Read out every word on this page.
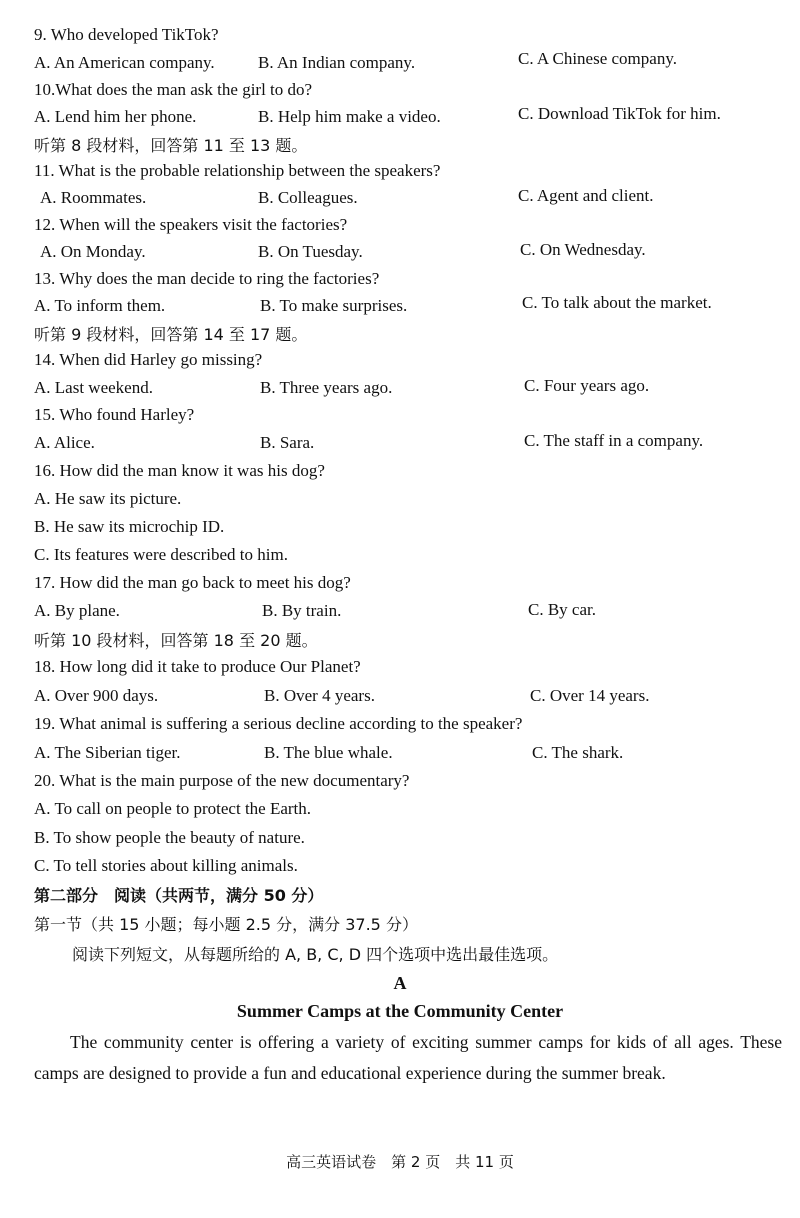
9. Who developed TikTok?
A. An American company.	B. An Indian company.	C. A Chinese company.
10.What does the man ask the girl to do?
A. Lend him her phone.	B. Help him make a video.	C. Download TikTok for him.
听第 8 段材料，回答第 11 至 13 题。
11. What is the probable relationship between the speakers?
A. Roommates.	B. Colleagues.	C. Agent and client.
12. When will the speakers visit the factories?
A. On Monday.	B. On Tuesday.	C. On Wednesday.
13. Why does the man decide to ring the factories?
A. To inform them.	B. To make surprises.	C. To talk about the market.
听第 9 段材料，回答第 14 至 17 题。
14. When did Harley go missing?
A. Last weekend.	B. Three years ago.	C. Four years ago.
15. Who found Harley?
A. Alice.	B. Sara.	C. The staff in a company.
16. How did the man know it was his dog?
A. He saw its picture.
B. He saw its microchip ID.
C. Its features were described to him.
17. How did the man go back to meet his dog?
A. By plane.	B. By train.	C. By car.
听第 10 段材料，回答第 18 至 20 题。
18. How long did it take to produce Our Planet?
A. Over 900 days.	B. Over 4 years.	C. Over 14 years.
19. What animal is suffering a serious decline according to the speaker?
A. The Siberian tiger.	B. The blue whale.	C. The shark.
20. What is the main purpose of the new documentary?
A. To call on people to protect the Earth.
B. To show people the beauty of nature.
C. To tell stories about killing animals.
第二部分　阅读（共两节，满分 50 分）
第一节（共 15 小题；每小题 2.5 分，满分 37.5 分）
阅读下列短文，从每题所给的 A, B, C, D 四个选项中选出最佳选项。
A
Summer Camps at the Community Center
The community center is offering a variety of exciting summer camps for kids of all ages. These camps are designed to provide a fun and educational experience during the summer break.
高三英语试卷　第 2 页　共 11 页
